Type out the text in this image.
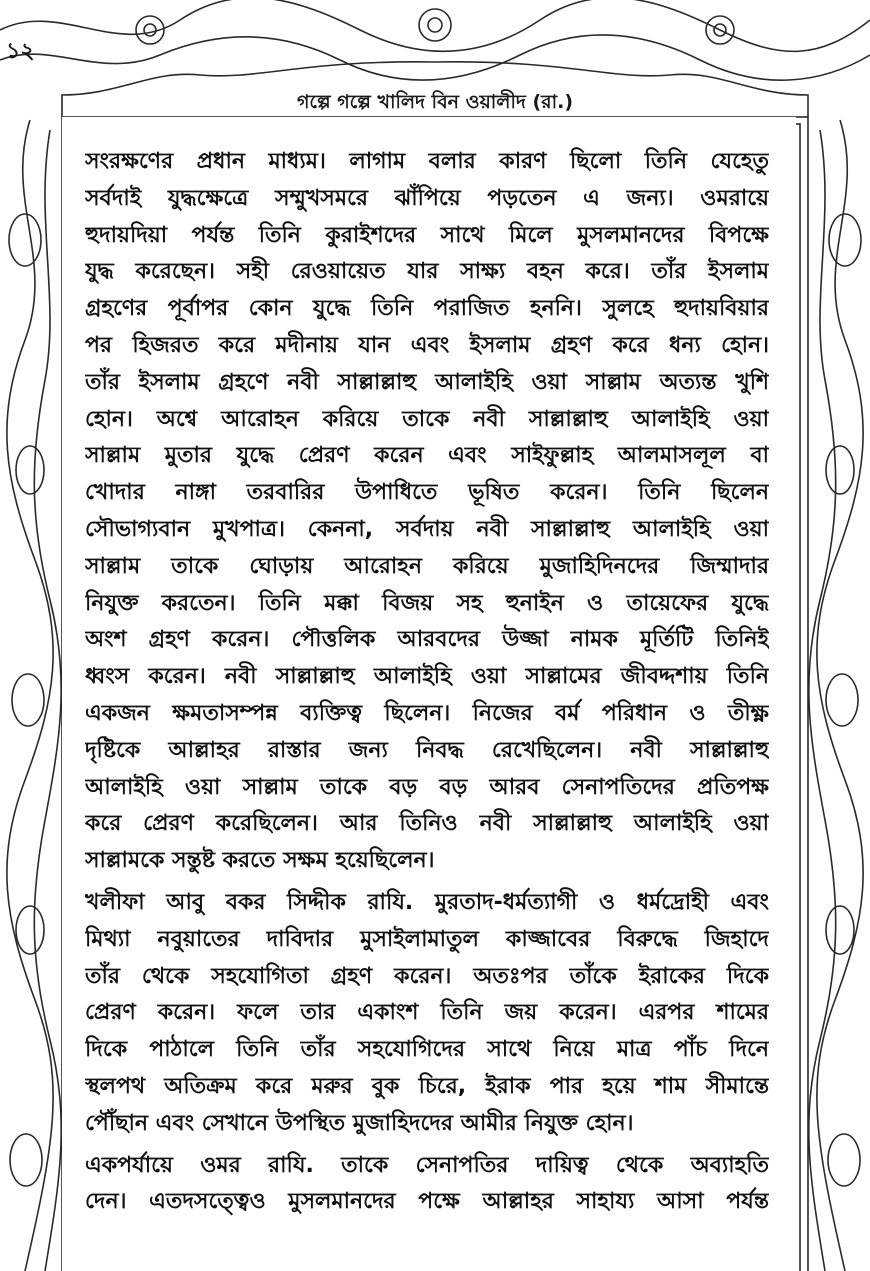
১২
গল্পে গল্পে খালিদ বিন ওয়ালীদ (রা.)
সংরক্ষণের প্রধান মাধ্যম। লাগাম বলার কারণ ছিলো তিনি যেহেতু
সর্বদাই যুদ্ধক্ষেত্রে সম্মুখসমরে ঝাঁপিয়ে পড়তেন এ জন্য। ওমরায়ে
হুদায়দিয়া পর্যন্ত তিনি কুরাইশদের সাথে মিলে মুসলমানদের বিপক্ষে
যুদ্ধ করেছেন। সহী রেওয়ায়েত যার সাক্ষ্য বহন করে। তাঁর ইসলাম
গ্রহণের পূর্বাপর কোন যুদ্ধে তিনি পরাজিত হননি। সুলহে হুদায়বিয়ার
পর হিজরত করে মদীনায় যান এবং ইসলাম গ্রহণ করে ধন্য হোন।
তাঁর ইসলাম গ্রহণে নবী সাল্লাল্লাহু আলাইহি ওয়া সাল্লাম অত্যন্ত খুশি
হোন। অশ্বে আরোহন করিয়ে তাকে নবী সাল্লাল্লাহু আলাইহি ওয়া
সাল্লাম মুতার যুদ্ধে প্রেরণ করেন এবং সাইফুল্লাহ আলমাসলূল বা
খোদার নাঙ্গা তরবারির উপাধিতে ভূষিত করেন। তিনি ছিলেন
সৌভাগ্যবান মুখপাত্র। কেননা, সর্বদায় নবী সাল্লাল্লাহু আলাইহি ওয়া
সাল্লাম তাকে ঘোড়ায় আরোহন করিয়ে মুজাহিদিনদের জিম্মাদার
নিযুক্ত করতেন। তিনি মক্কা বিজয় সহ হুনাইন ও তায়েফের যুদ্ধে
অংশ গ্রহণ করেন। পৌত্তলিক আরবদের উজ্জা নামক মূর্তিটি তিনিই
ধ্বংস করেন। নবী সাল্লাল্লাহু আলাইহি ওয়া সাল্লামের জীবদ্দশায় তিনি
একজন ক্ষমতাসম্পন্ন ব্যক্তিত্ব ছিলেন। নিজের বর্ম পরিধান ও তীক্ষ্ণ
দৃষ্টিকে আল্লাহর রাস্তার জন্য নিবদ্ধ রেখেছিলেন। নবী সাল্লাল্লাহু
আলাইহি ওয়া সাল্লাম তাকে বড় বড় আরব সেনাপতিদের প্রতিপক্ষ
করে প্রেরণ করেছিলেন। আর তিনিও নবী সাল্লাল্লাহু আলাইহি ওয়া
সাল্লামকে সন্তুষ্ট করতে সক্ষম হয়েছিলেন।
খলীফা আবু বকর সিদ্দীক রাযি. মুরতাদ-ধর্মত্যাগী ও ধর্মদ্রোহী এবং
মিথ্যা নবুয়াতের দাবিদার মুসাইলামাতুল কাজ্জাবের বিরুদ্ধে জিহাদে
তাঁর থেকে সহযোগিতা গ্রহণ করেন। অতঃপর তাঁকে ইরাকের দিকে
প্রেরণ করেন। ফলে তার একাংশ তিনি জয় করেন। এরপর শামের
দিকে পাঠালে তিনি তাঁর সহযোগিদের সাথে নিয়ে মাত্র পাঁচ দিনে
স্থলপথ অতিক্রম করে মরুর বুক চিরে, ইরাক পার হয়ে শাম সীমান্তে
পৌঁছান এবং সেখানে উপস্থিত মুজাহিদদের আমীর নিযুক্ত হোন।
একপর্যায়ে ওমর রাযি. তাকে সেনাপতির দায়িত্ব থেকে অব্যাহতি
দেন। এতদসত্ত্বেও মুসলমানদের পক্ষে আল্লাহর সাহায্য আসা পর্যন্ত
